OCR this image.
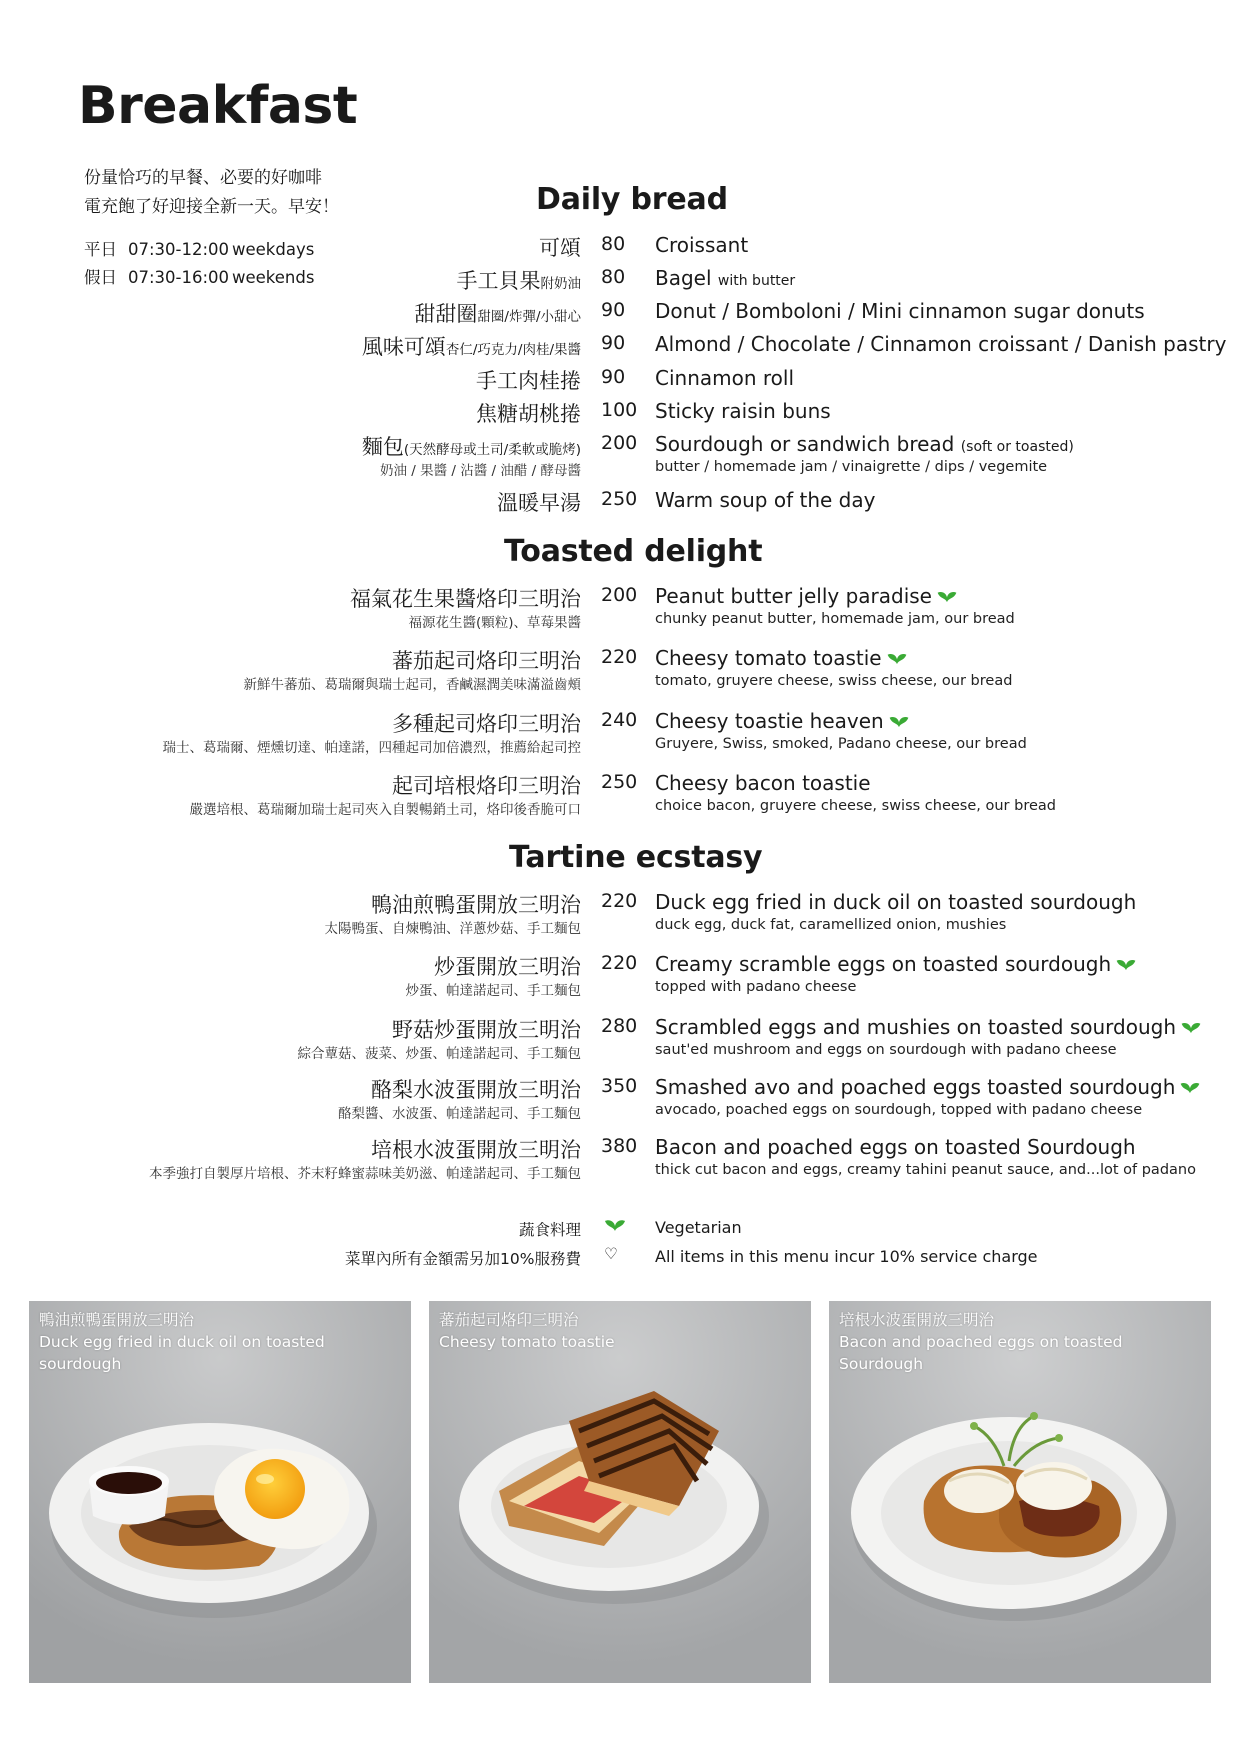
Breakfast
份量恰巧的早餐、必要的好咖啡
電充飽了好迎接全新一天。早安！
平日 07:30-12:00 weekdays
假日 07:30-16:00 weekends
Daily bread
可頌 80 Croissant
手工貝果附奶油 80 Bagel with butter
甜甜圈甜圈/炸彈/小甜心 90 Donut / Bomboloni / Mini cinnamon sugar donuts
風味可頌杏仁/巧克力/肉桂/果醬 90 Almond / Chocolate / Cinnamon croissant / Danish pastry
手工肉桂捲 90 Cinnamon roll
焦糖胡桃捲 100 Sticky raisin buns
麵包(天然酵母或土司/柔軟或脆烤)
奶油 / 果醬 / 沾醬 / 油醋 / 酵母醬
200 Sourdough or sandwich bread (soft or toasted)
butter / homemade jam / vinaigrette / dips / vegemite
溫暖早湯 250 Warm soup of the day
Toasted delight
福氣花生果醬烙印三明治
福源花生醬(顆粒)、草莓果醬
200 Peanut butter jelly paradise
chunky peanut butter, homemade jam, our bread
蕃茄起司烙印三明治
新鮮牛蕃茄、葛瑞爾與瑞士起司，香鹹濕潤美味滿溢齒頰
220 Cheesy tomato toastie
tomato, gruyere cheese, swiss cheese, our bread
多種起司烙印三明治
瑞士、葛瑞爾、煙燻切達、帕達諾，四種起司加倍濃烈，推薦給起司控
240 Cheesy toastie heaven
Gruyere, Swiss, smoked, Padano cheese, our bread
起司培根烙印三明治
嚴選培根、葛瑞爾加瑞士起司夾入自製暢銷土司，烙印後香脆可口
250 Cheesy bacon toastie
choice bacon, gruyere cheese, swiss cheese, our bread
Tartine ecstasy
鴨油煎鴨蛋開放三明治
太陽鴨蛋、自煉鴨油、洋蔥炒菇、手工麵包
220 Duck egg fried in duck oil on toasted sourdough
duck egg, duck fat, caramellized onion, mushies
炒蛋開放三明治
炒蛋、帕達諾起司、手工麵包
220 Creamy scramble eggs on toasted sourdough
topped with padano cheese
野菇炒蛋開放三明治
綜合蕈菇、菠菜、炒蛋、帕達諾起司、手工麵包
280 Scrambled eggs and mushies on toasted sourdough
saut'ed mushroom and eggs on sourdough with padano cheese
酪梨水波蛋開放三明治
酪梨醬、水波蛋、帕達諾起司、手工麵包
350 Smashed avo and poached eggs toasted sourdough
avocado, poached eggs on sourdough, topped with padano cheese
培根水波蛋開放三明治
本季強打自製厚片培根、芥末籽蜂蜜蒜味美奶滋、帕達諾起司、手工麵包
380 Bacon and poached eggs on toasted Sourdough
thick cut bacon and eggs, creamy tahini peanut sauce, and...lot of padano
蔬食料理	Vegetarian
菜單內所有金額需另加10%服務費 ♡ All items in this menu incur 10% service charge
鴨油煎鴨蛋開放三明治
Duck egg fried in duck oil on toasted sourdough
蕃茄起司烙印三明治
Cheesy tomato toastie
培根水波蛋開放三明治
Bacon and poached eggs on toasted Sourdough
